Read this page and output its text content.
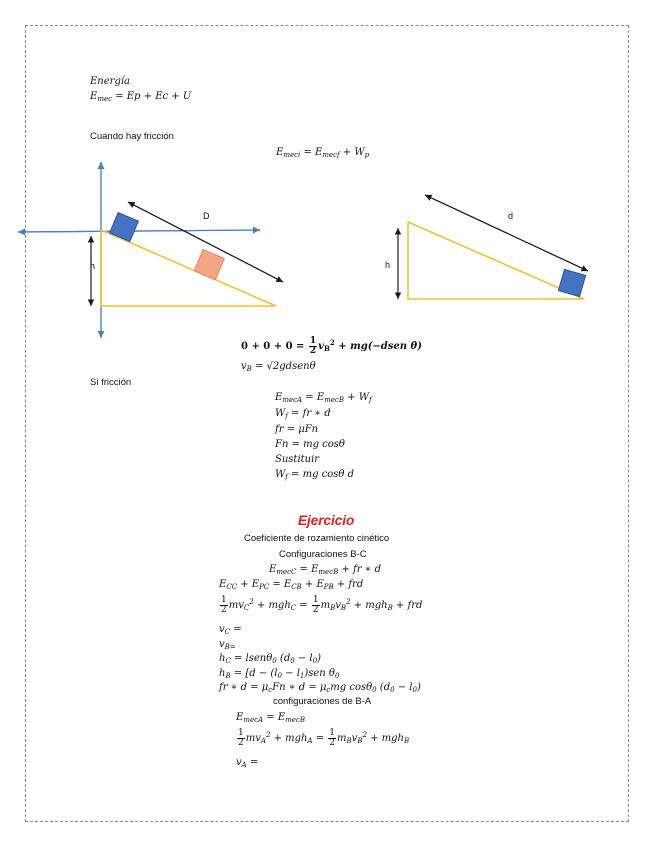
Energía
$E_{mec} = Ep + Ec + U$
Cuando hay fricción
$E_{meci} = E_{mecf} + W_p$
D
h
d
h
$0 + 0 + 0 = \frac{1}{2} v_B^2$ + mg(−dsen θ)
$v_B$ = √2gdsenθ
Si fricción
$E_{mecA} = E_{mecB} + W_f$
$W_f$ = fr ∗ d
fr = μFn
Fn = mg cosθ
Sustituir
$W_f$ = mg cosθ d
Ejercicio
Coeficiente de rozamiento cinético
Configuraciones B-C
$E_{mecC} = E_{mecB}$ + fr ∗ d
$E_{CC} + E_{PC} = E_{CB} + E_{PB}$ + frd
$\frac{1}{2} mv_C^2 + mgh_C = \frac{1}{2} m_Bv_B^2 + mgh_B$ + frd
$v_C$ =
$v_{B=}$
$h_C$ = lsenθ$_0$ $(d_0 - l_0)$
$h_B = [d - (l_0 - l_1)sen$ $\theta_0$
fr ∗ $d = \mu_cFn$ ∗ $d = \mu_cmg$ cosθ$_0$ $(d_0 - l_0)$
configuraciones de B-A
$E_{mecA} = E_{mecB}$
$\frac{1}{2} mv_A^2 + mgh_A = \frac{1}{2} m_Bv_B^2 + mgh_B$
$v_A$ =
